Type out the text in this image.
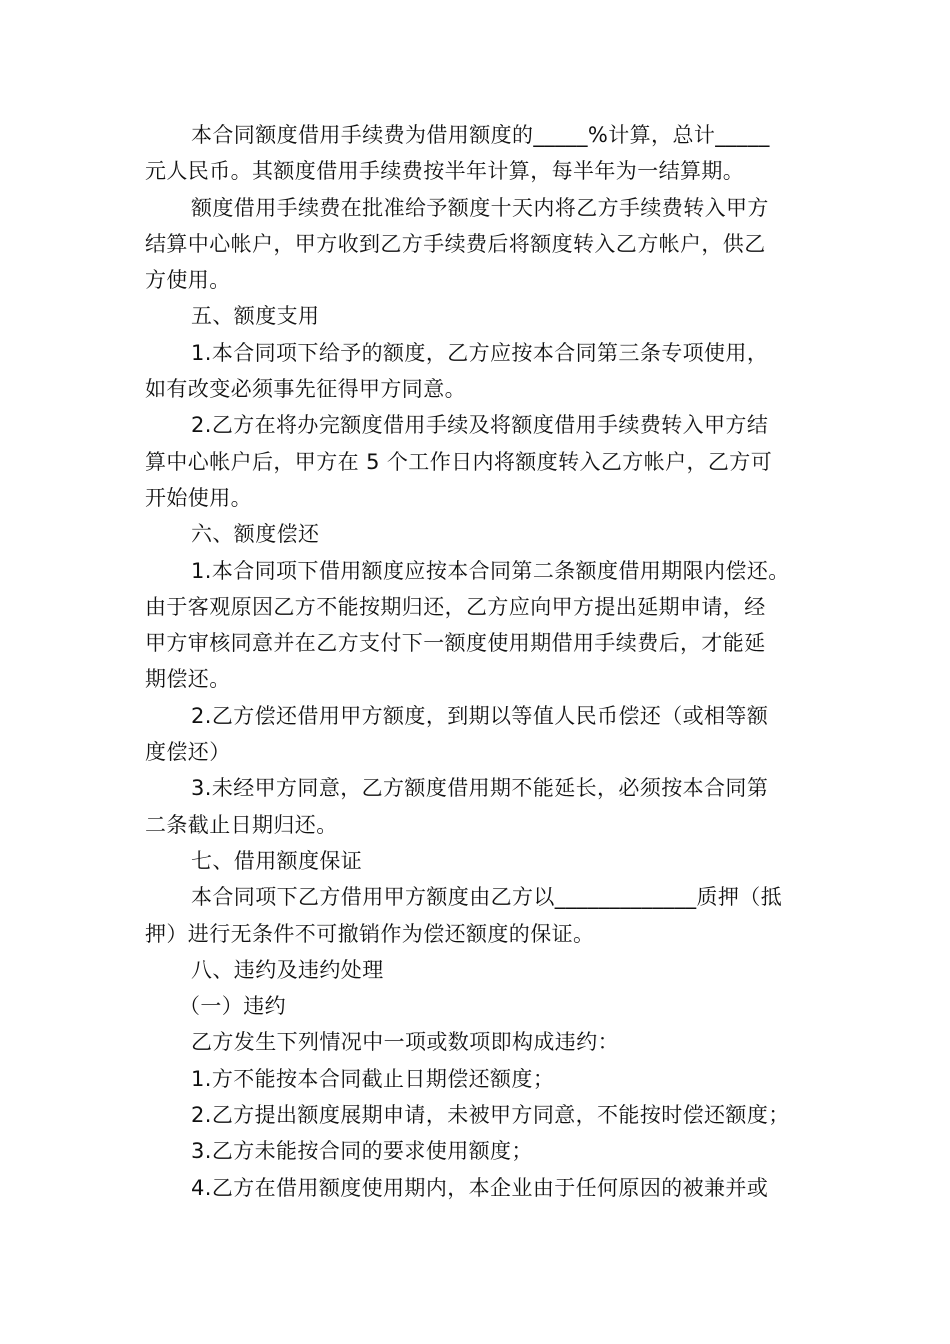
本合同额度借用手续费为借用额度的_____%计算，总计_____
元人民币。其额度借用手续费按半年计算，每半年为一结算期。
额度借用手续费在批准给予额度十天内将乙方手续费转入甲方
结算中心帐户，甲方收到乙方手续费后将额度转入乙方帐户，供乙
方使用。
五、额度支用
1.本合同项下给予的额度，乙方应按本合同第三条专项使用，
如有改变必须事先征得甲方同意。
2.乙方在将办完额度借用手续及将额度借用手续费转入甲方结
算中心帐户后，甲方在 5 个工作日内将额度转入乙方帐户，乙方可
开始使用。
六、额度偿还
1.本合同项下借用额度应按本合同第二条额度借用期限内偿还。
由于客观原因乙方不能按期归还，乙方应向甲方提出延期申请，经
甲方审核同意并在乙方支付下一额度使用期借用手续费后，才能延
期偿还。
2.乙方偿还借用甲方额度，到期以等值人民币偿还（或相等额
度偿还）
3.未经甲方同意，乙方额度借用期不能延长，必须按本合同第
二条截止日期归还。
七、借用额度保证
本合同项下乙方借用甲方额度由乙方以_____________质押（抵
押）进行无条件不可撤销作为偿还额度的保证。
八、违约及违约处理
（一）违约
乙方发生下列情况中一项或数项即构成违约：
1.方不能按本合同截止日期偿还额度；
2.乙方提出额度展期申请，未被甲方同意，不能按时偿还额度；
3.乙方未能按合同的要求使用额度；
4.乙方在借用额度使用期内，本企业由于任何原因的被兼并或
